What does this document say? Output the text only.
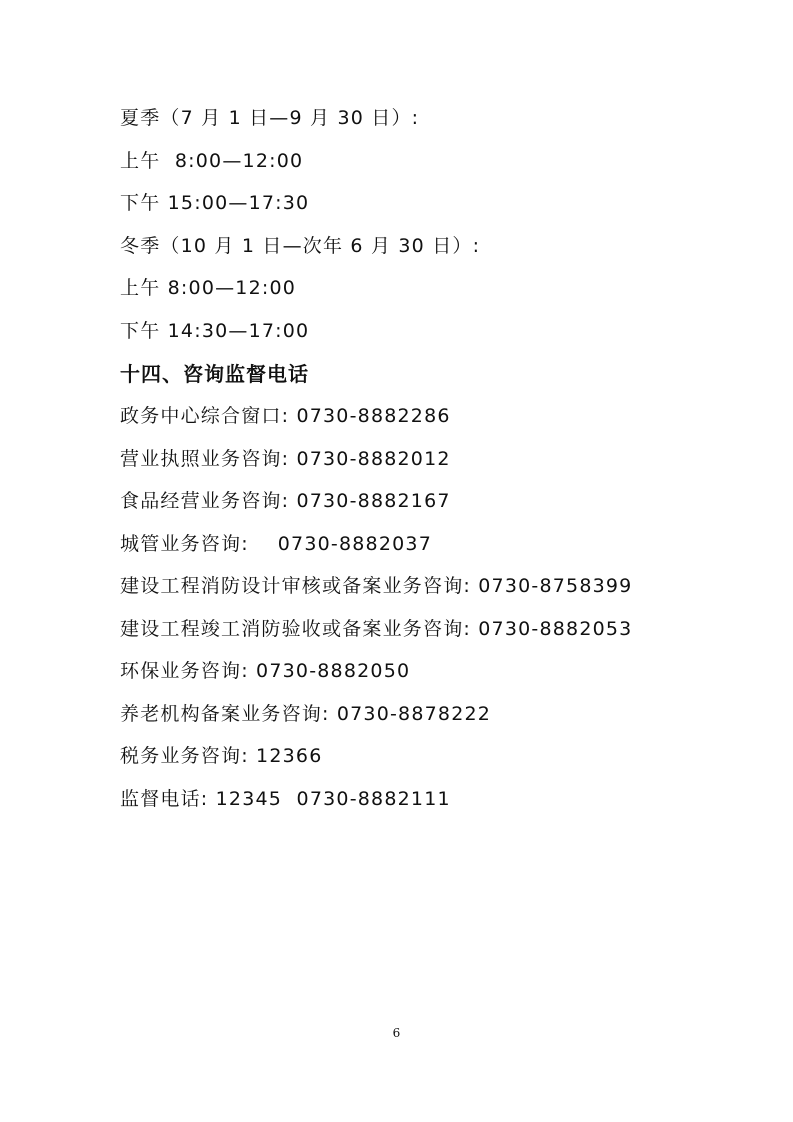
夏季（7 月 1 日—9 月 30 日）:
上午  8:00—12:00
下午 15:00—17:30
冬季（10 月 1 日—次年 6 月 30 日）:
上午 8:00—12:00
下午 14:30—17:00
十四、咨询监督电话
政务中心综合窗口: 0730-8882286
营业执照业务咨询: 0730-8882012
食品经营业务咨询: 0730-8882167
城管业务咨询:    0730-8882037
建设工程消防设计审核或备案业务咨询: 0730-8758399
建设工程竣工消防验收或备案业务咨询: 0730-8882053
环保业务咨询: 0730-8882050
养老机构备案业务咨询: 0730-8878222
税务业务咨询: 12366
监督电话: 12345  0730-8882111
6
